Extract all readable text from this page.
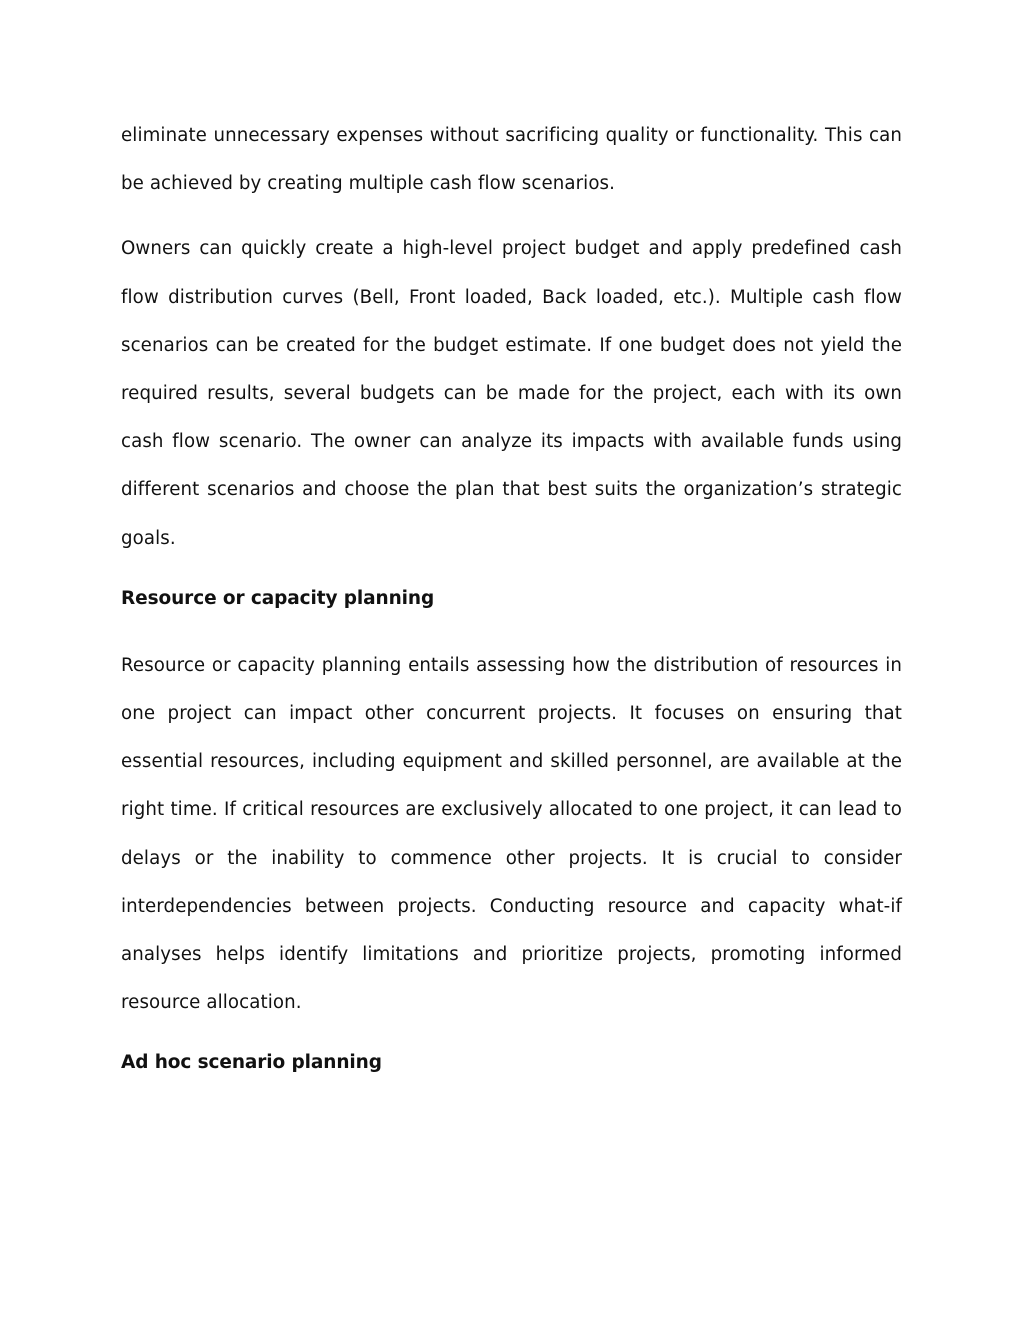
eliminate unnecessary expenses without sacrificing quality or functionality. This can be achieved by creating multiple cash flow scenarios.

Owners can quickly create a high-level project budget and apply predefined cash flow distribution curves (Bell, Front loaded, Back loaded, etc.). Multiple cash flow scenarios can be created for the budget estimate. If one budget does not yield the required results, several budgets can be made for the project, each with its own cash flow scenario. The owner can analyze its impacts with available funds using different scenarios and choose the plan that best suits the organization’s strategic goals.

Resource or capacity planning

Resource or capacity planning entails assessing how the distribution of resources in one project can impact other concurrent projects. It focuses on ensuring that essential resources, including equipment and skilled personnel, are available at the right time. If critical resources are exclusively allocated to one project, it can lead to delays or the inability to commence other projects. It is crucial to consider interdependencies between projects. Conducting resource and capacity what-if analyses helps identify limitations and prioritize projects, promoting informed resource allocation.

Ad hoc scenario planning
